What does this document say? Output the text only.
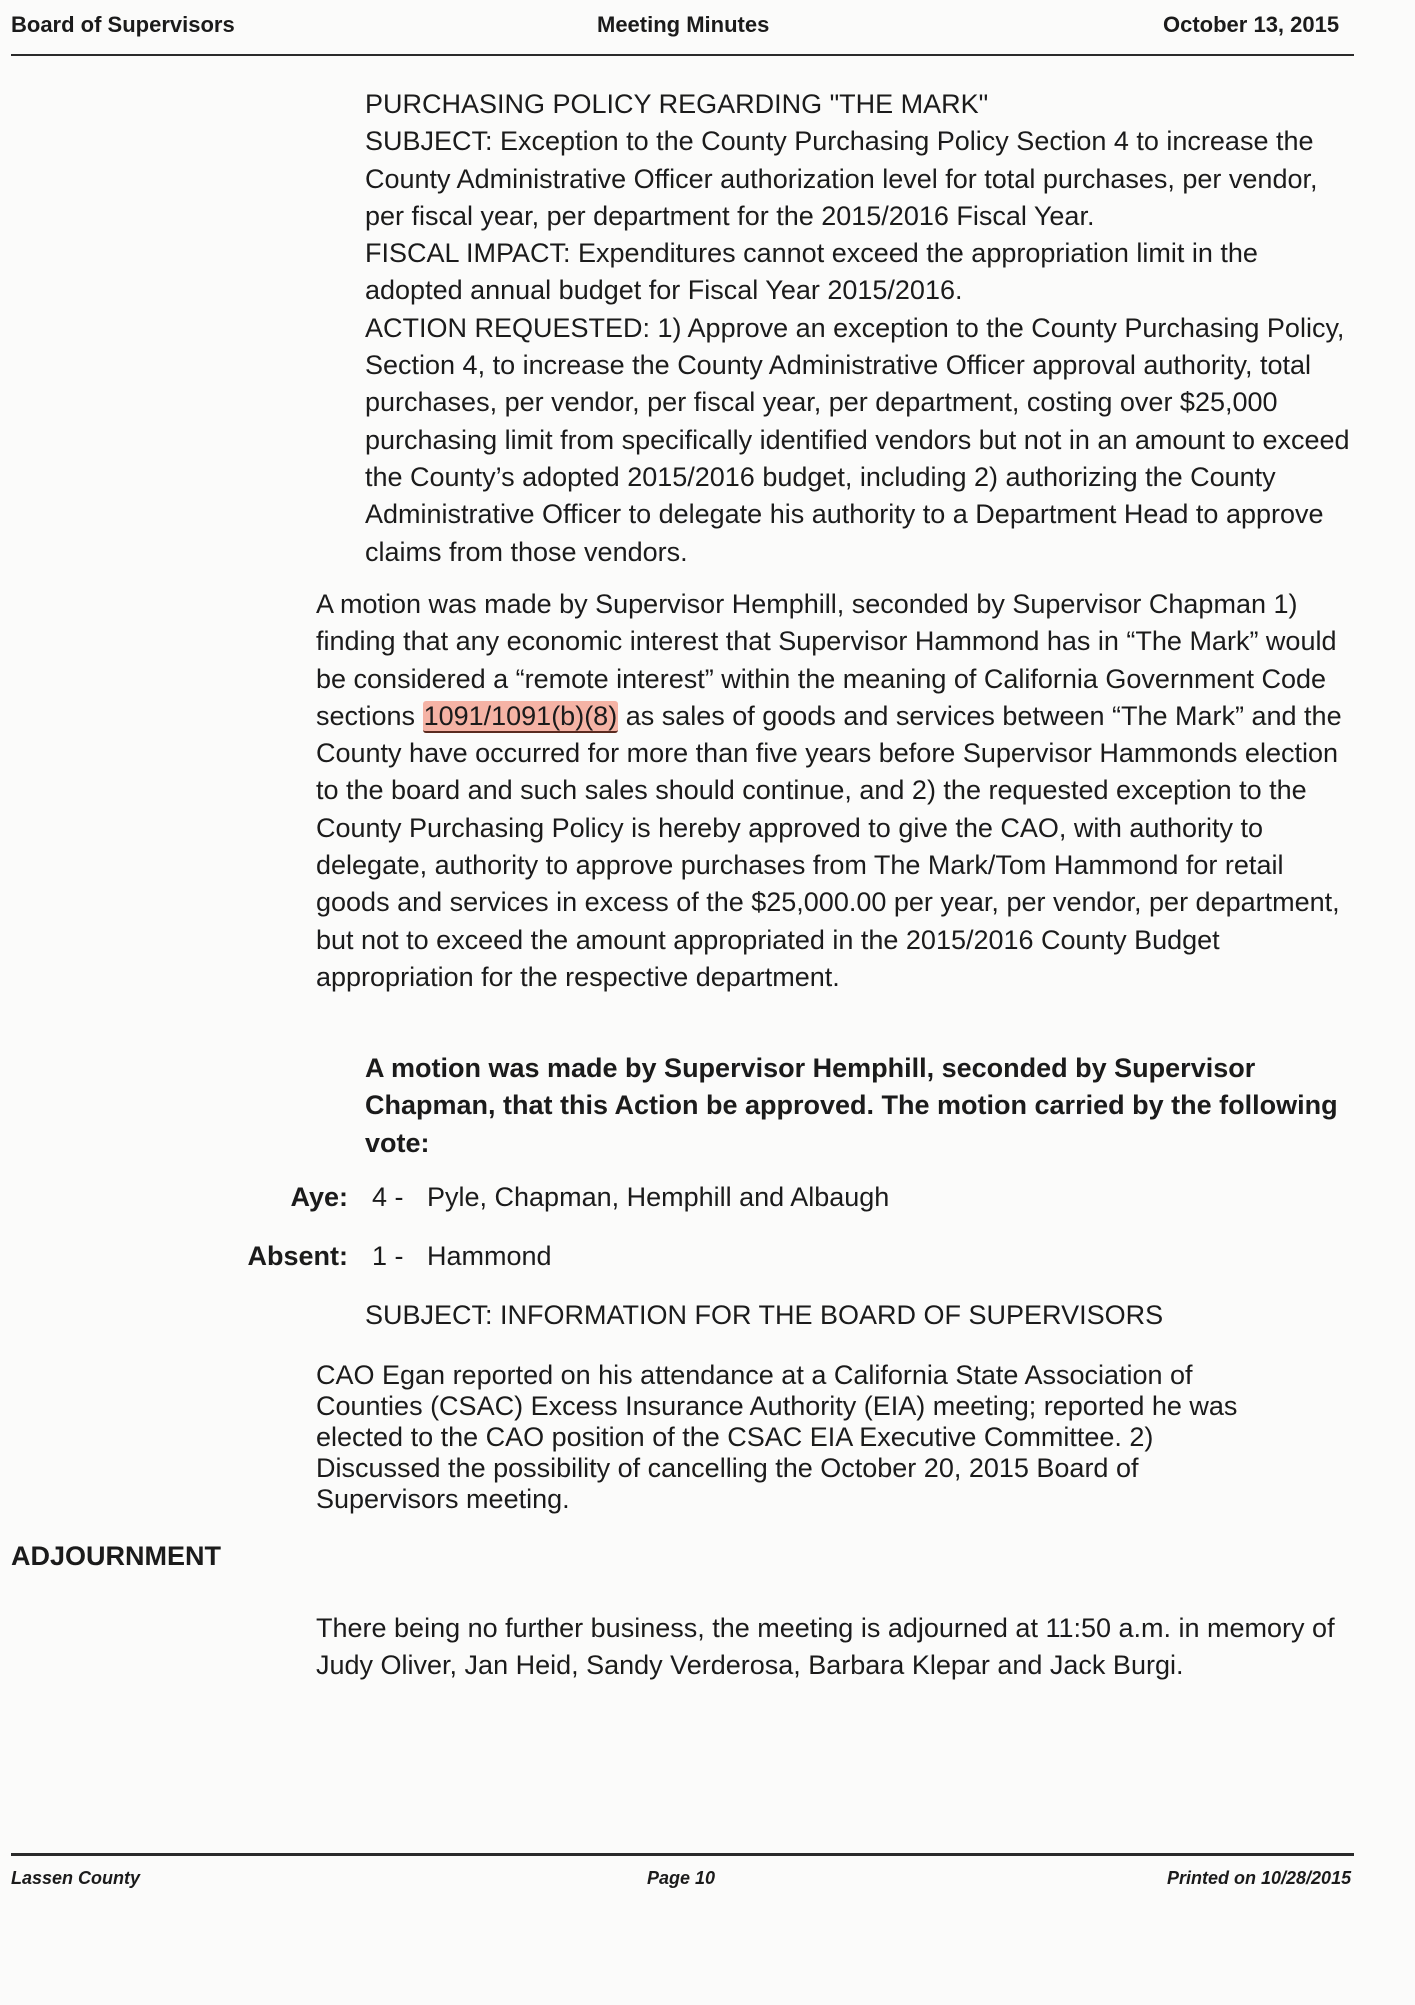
Board of Supervisors	Meeting Minutes	October 13, 2015

PURCHASING POLICY REGARDING "THE MARK"

SUBJECT: Exception to the County Purchasing Policy Section 4 to increase the County Administrative Officer authorization level for total purchases, per vendor, per fiscal year, per department for the 2015/2016 Fiscal Year.

FISCAL IMPACT: Expenditures cannot exceed the appropriation limit in the adopted annual budget for Fiscal Year 2015/2016.

ACTION REQUESTED: 1) Approve an exception to the County Purchasing Policy, Section 4, to increase the County Administrative Officer approval authority, total purchases, per vendor, per fiscal year, per department, costing over $25,000 purchasing limit from specifically identified vendors but not in an amount to exceed the County’s adopted 2015/2016 budget, including 2) authorizing the County Administrative Officer to delegate his authority to a Department Head to approve claims from those vendors.

A motion was made by Supervisor Hemphill, seconded by Supervisor Chapman 1) finding that any economic interest that Supervisor Hammond has in “The Mark” would be considered a “remote interest” within the meaning of California Government Code sections 1091/1091(b)(8) as sales of goods and services between “The Mark” and the County have occurred for more than five years before Supervisor Hammonds election to the board and such sales should continue, and 2) the requested exception to the County Purchasing Policy is hereby approved to give the CAO, with authority to delegate, authority to approve purchases from The Mark/Tom Hammond for retail goods and services in excess of the $25,000.00 per year, per vendor, per department, but not to exceed the amount appropriated in the 2015/2016 County Budget appropriation for the respective department.

A motion was made by Supervisor Hemphill, seconded by Supervisor Chapman, that this Action be approved. The motion carried by the following vote:
Aye: 4 - Pyle, Chapman, Hemphill and Albaugh
Absent: 1 - Hammond
SUBJECT: INFORMATION FOR THE BOARD OF SUPERVISORS
CAO Egan reported on his attendance at a California State Association of
Counties (CSAC) Excess Insurance Authority (EIA) meeting; reported he was
elected to the CAO position of the CSAC EIA Executive Committee. 2)
Discussed the possibility of cancelling the October 20, 2015 Board of
Supervisors meeting.
ADJOURNMENT
There being no further business, the meeting is adjourned at 11:50 a.m. in memory of Judy Oliver, Jan Heid, Sandy Verderosa, Barbara Klepar and Jack Burgi.
Lassen County	Page 10	Printed on 10/28/2015
